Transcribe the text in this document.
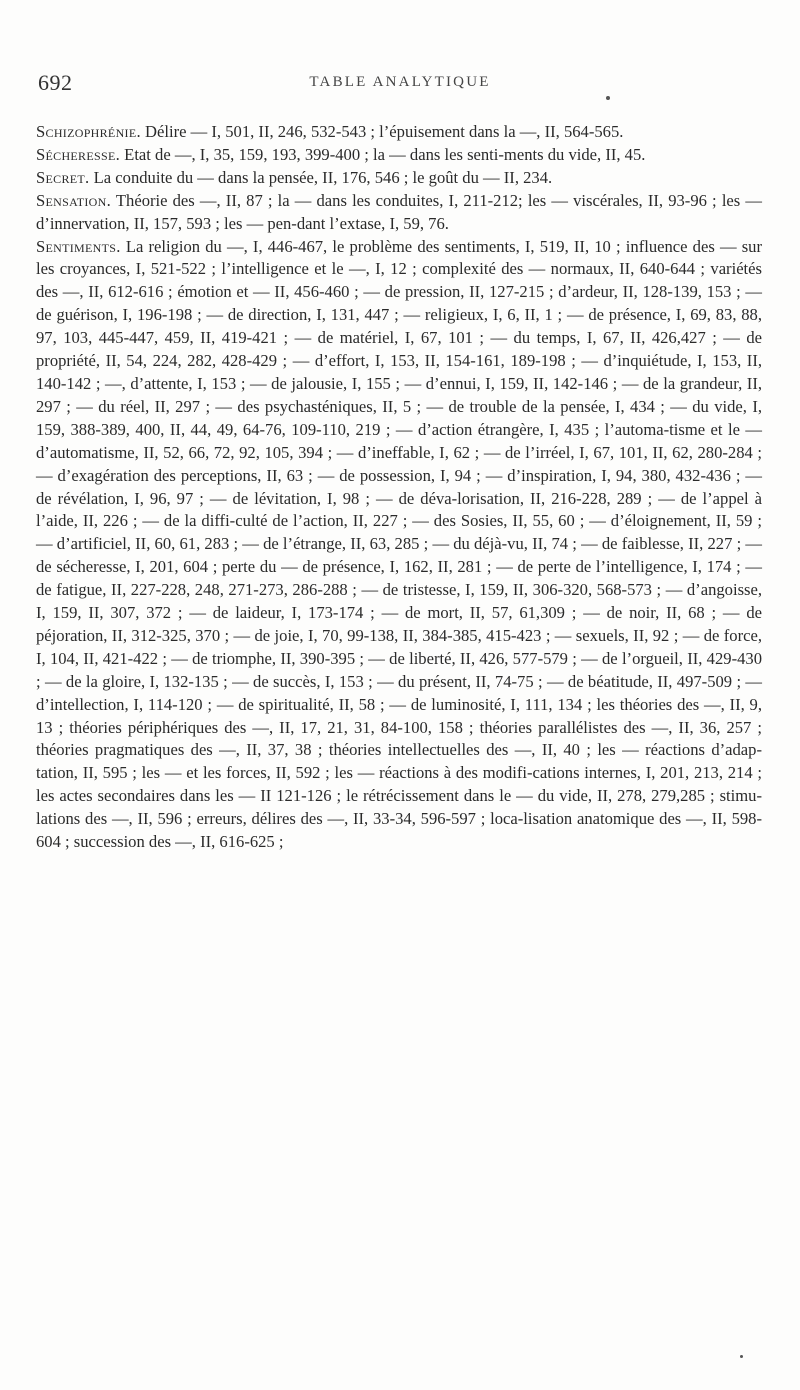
692	TABLE ANALYTIQUE

Schizophrénie. Délire — I, 501, II, 246, 532-543 ; l’épuisement dans la —, II, 564-565.

Sécheresse. Etat de —, I, 35, 159, 193, 399-400 ; la — dans les senti-ments du vide, II, 45.

Secret. La conduite du — dans la pensée, II, 176, 546 ; le goût du — II, 234.

Sensation. Théorie des —, II, 87 ; la — dans les conduites, I, 211-212; les — viscérales, II, 93-96 ; les — d’innervation, II, 157, 593 ; les — pen-dant l’extase, I, 59, 76.

Sentiments. La religion du —, I, 446-467, le problème des sentiments, I, 519, II, 10 ; influence des — sur les croyances, I, 521-522 ; l’intelligence et le —, I, 12 ; complexité des — normaux, II, 640-644 ; variétés des —, II, 612-616 ; émotion et — II, 456-460 ; — de pression, II, 127-215 ; d’ardeur, II, 128-139, 153 ; — de guérison, I, 196-198 ; — de direction, I, 131, 447 ; — religieux, I, 6, II, 1 ; — de présence, I, 69, 83, 88, 97, 103, 445-447, 459, II, 419-421 ; — de matériel, I, 67, 101 ; — du temps, I, 67, II, 426,427 ; — de propriété, II, 54, 224, 282, 428-429 ; — d’effort, I, 153, II, 154-161, 189-198 ; — d’inquiétude, I, 153, II, 140-142 ; —, d’attente, I, 153 ; — de jalousie, I, 155 ; — d’ennui, I, 159, II, 142-146 ; — de la grandeur, II, 297 ; — du réel, II, 297 ; — des psychasténiques, II, 5 ; — de trouble de la pensée, I, 434 ; — du vide, I, 159, 388-389, 400, II, 44, 49, 64-76, 109-110, 219 ; — d’action étrangère, I, 435 ; l’automa-tisme et le — d’automatisme, II, 52, 66, 72, 92, 105, 394 ; — d’ineffable, I, 62 ; — de l’irréel, I, 67, 101, II, 62, 280-284 ; — d’exagération des perceptions, II, 63 ; — de possession, I, 94 ; — d’inspiration, I, 94, 380, 432-436 ; — de révélation, I, 96, 97 ; — de lévitation, I, 98 ; — de déva-lorisation, II, 216-228, 289 ; — de l’appel à l’aide, II, 226 ; — de la diffi-culté de l’action, II, 227 ; — des Sosies, II, 55, 60 ; — d’éloignement, II, 59 ; — d’artificiel, II, 60, 61, 283 ; — de l’étrange, II, 63, 285 ; — du déjà-vu, II, 74 ; — de faiblesse, II, 227 ; — de sécheresse, I, 201, 604 ; perte du — de présence, I, 162, II, 281 ; — de perte de l’intelligence, I, 174 ; — de fatigue, II, 227-228, 248, 271-273, 286-288 ; — de tristesse, I, 159, II, 306-320, 568-573 ; — d’angoisse, I, 159, II, 307, 372 ; — de laideur, I, 173-174 ; — de mort, II, 57, 61,309 ; — de noir, II, 68 ; — de péjoration, II, 312-325, 370 ; — de joie, I, 70, 99-138, II, 384-385, 415-423 ; — sexuels, II, 92 ; — de force, I, 104, II, 421-422 ; — de triomphe, II, 390-395 ; — de liberté, II, 426, 577-579 ; — de l’orgueil, II, 429-430 ; — de la gloire, I, 132-135 ; — de succès, I, 153 ; — du présent, II, 74-75 ; — de béatitude, II, 497-509 ; — d’intellection, I, 114-120 ; — de spiritualité, II, 58 ; — de luminosité, I, 111, 134 ; les théories des —, II, 9, 13 ; théories périphériques des —, II, 17, 21, 31, 84-100, 158 ; théories parallélistes des —, II, 36, 257 ; théories pragmatiques des —, II, 37, 38 ; théories intellectuelles des —, II, 40 ; les — réactions d’adap-tation, II, 595 ; les — et les forces, II, 592 ; les — réactions à des modifi-cations internes, I, 201, 213, 214 ; les actes secondaires dans les — II 121-126 ; le rétrécissement dans le — du vide, II, 278, 279,285 ; stimu-lations des —, II, 596 ; erreurs, délires des —, II, 33-34, 596-597 ; loca-lisation anatomique des —, II, 598-604 ; succession des —, II, 616-625 ;
